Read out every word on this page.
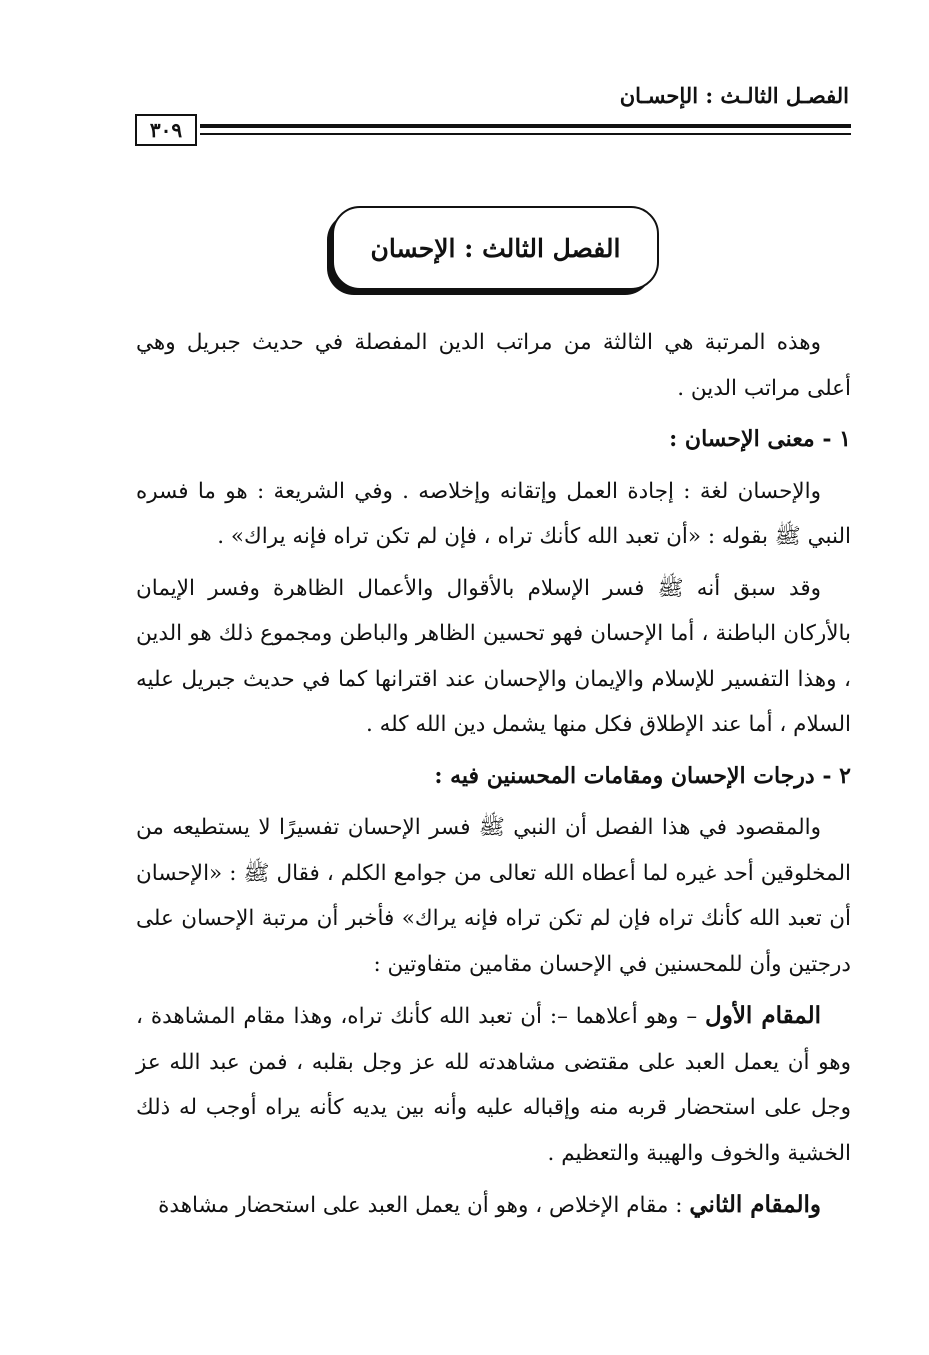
الفصـل الثالـث : الإحسـان
٣٠٩
الفصل الثالث : الإحسان

وهذه المرتبة هي الثالثة من مراتب الدين المفصلة في حديث جبريل وهي أعلى مراتب الدين .

١ - معنى الإحسان :

والإحسان لغة : إجادة العمل وإتقانه وإخلاصه . وفي الشريعة : هو ما فسره النبي ﷺ بقوله : «أن تعبد الله كأنك تراه ، فإن لم تكن تراه فإنه يراك» .

وقد سبق أنه ﷺ فسر الإسلام بالأقوال والأعمال الظاهرة وفسر الإيمان بالأركان الباطنة ، أما الإحسان فهو تحسين الظاهر والباطن ومجموع ذلك هو الدين ، وهذا التفسير للإسلام والإيمان والإحسان عند اقترانها كما في حديث جبريل عليه السلام ، أما عند الإطلاق فكل منها يشمل دين الله كله .

٢ - درجات الإحسان ومقامات المحسنين فيه :

والمقصود في هذا الفصل أن النبي ﷺ فسر الإحسان تفسيرًا لا يستطيعه من المخلوقين أحد غيره لما أعطاه الله تعالى من جوامع الكلم ، فقال ﷺ : «الإحسان أن تعبد الله كأنك تراه فإن لم تكن تراه فإنه يراك» فأخبر أن مرتبة الإحسان على درجتين وأن للمحسنين في الإحسان مقامين متفاوتين :

المقام الأول – وهو أعلاهما –: أن تعبد الله كأنك تراه، وهذا مقام المشاهدة ، وهو أن يعمل العبد على مقتضى مشاهدته لله عز وجل بقلبه ، فمن عبد الله عز وجل على استحضار قربه منه وإقباله عليه وأنه بين يديه كأنه يراه أوجب له ذلك الخشية والخوف والهيبة والتعظيم .

والمقام الثاني : مقام الإخلاص ، وهو أن يعمل العبد على استحضار مشاهدة
